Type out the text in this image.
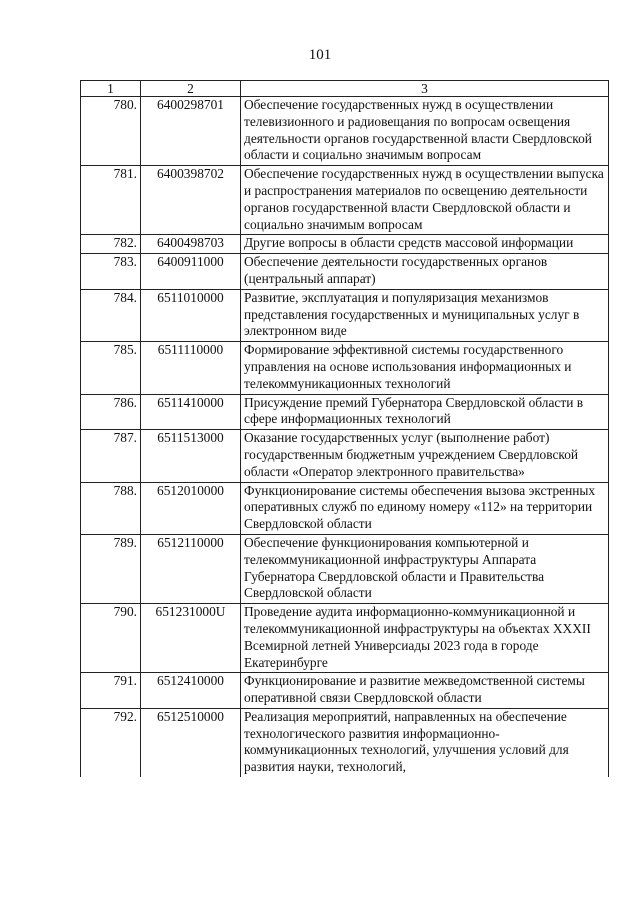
101
1	2	3
780.	6400298701	Обеспечение государственных нужд в осуществлении телевизионного и радиовещания по вопросам освещения деятельности органов государственной власти Свердловской области и социально значимым вопросам
781.	6400398702	Обеспечение государственных нужд в осуществлении выпуска и распространения материалов по освещению деятельности органов государственной власти Свердловской области и социально значимым вопросам
782.	6400498703	Другие вопросы в области средств массовой информации
783.	6400911000	Обеспечение деятельности государственных органов (центральный аппарат)
784.	6511010000	Развитие, эксплуатация и популяризация механизмов представления государственных и муниципальных услуг в электронном виде
785.	6511110000	Формирование эффективной системы государственного управления на основе использования информационных и телекоммуникационных технологий
786.	6511410000	Присуждение премий Губернатора Свердловской области в сфере информационных технологий
787.	6511513000	Оказание государственных услуг (выполнение работ) государственным бюджетным учреждением Свердловской области «Оператор электронного правительства»
788.	6512010000	Функционирование системы обеспечения вызова экстренных оперативных служб по единому номеру «112» на территории Свердловской области
789.	6512110000	Обеспечение функционирования компьютерной и телекоммуникационной инфраструктуры Аппарата Губернатора Свердловской области и Правительства Свердловской области
790.	651231000U	Проведение аудита информационно-коммуникационной и телекоммуникационной инфраструктуры на объектах XXXII Всемирной летней Универсиады 2023 года в городе Екатеринбурге
791.	6512410000	Функционирование и развитие межведомственной системы оперативной связи Свердловской области
792.	6512510000	Реализация мероприятий, направленных на обеспечение технологического развития информационно-коммуникационных технологий, улучшения условий для развития науки, технологий,
